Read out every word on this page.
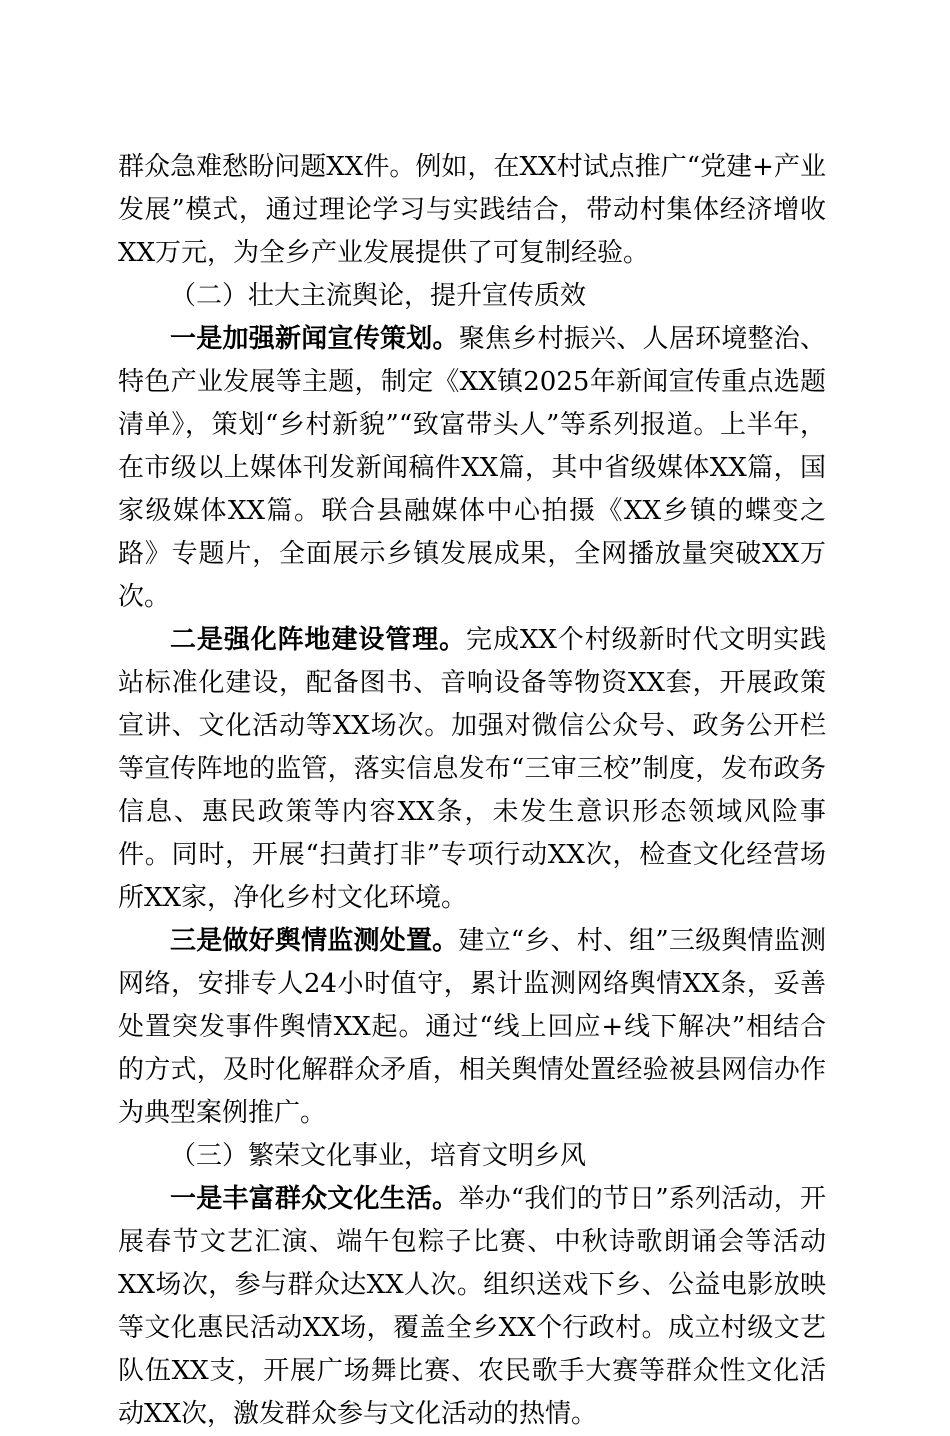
群众急难愁盼问题XX件。例如，在XX村试点推广“党建+产业发展”模式，通过理论学习与实践结合，带动村集体经济增收XX万元，为全乡产业发展提供了可复制经验。

（二）壮大主流舆论，提升宣传质效

一是加强新闻宣传策划。聚焦乡村振兴、人居环境整治、特色产业发展等主题，制定《XX镇2025年新闻宣传重点选题清单》，策划“乡村新貌”“致富带头人”等系列报道。上半年，在市级以上媒体刊发新闻稿件XX篇，其中省级媒体XX篇，国家级媒体XX篇。联合县融媒体中心拍摄《XX乡镇的蝶变之路》专题片，全面展示乡镇发展成果，全网播放量突破XX万次。

二是强化阵地建设管理。完成XX个村级新时代文明实践站标准化建设，配备图书、音响设备等物资XX套，开展政策宣讲、文化活动等XX场次。加强对微信公众号、政务公开栏等宣传阵地的监管，落实信息发布“三审三校”制度，发布政务信息、惠民政策等内容XX条，未发生意识形态领域风险事件。同时，开展“扫黄打非”专项行动XX次，检查文化经营场所XX家，净化乡村文化环境。

三是做好舆情监测处置。建立“乡、村、组”三级舆情监测网络，安排专人24小时值守，累计监测网络舆情XX条，妥善处置突发事件舆情XX起。通过“线上回应+线下解决”相结合的方式，及时化解群众矛盾，相关舆情处置经验被县网信办作为典型案例推广。

（三）繁荣文化事业，培育文明乡风

一是丰富群众文化生活。举办“我们的节日”系列活动，开展春节文艺汇演、端午包粽子比赛、中秋诗歌朗诵会等活动XX场次，参与群众达XX人次。组织送戏下乡、公益电影放映等文化惠民活动XX场，覆盖全乡XX个行政村。成立村级文艺队伍XX支，开展广场舞比赛、农民歌手大赛等群众性文化活动XX次，激发群众参与文化活动的热情。
